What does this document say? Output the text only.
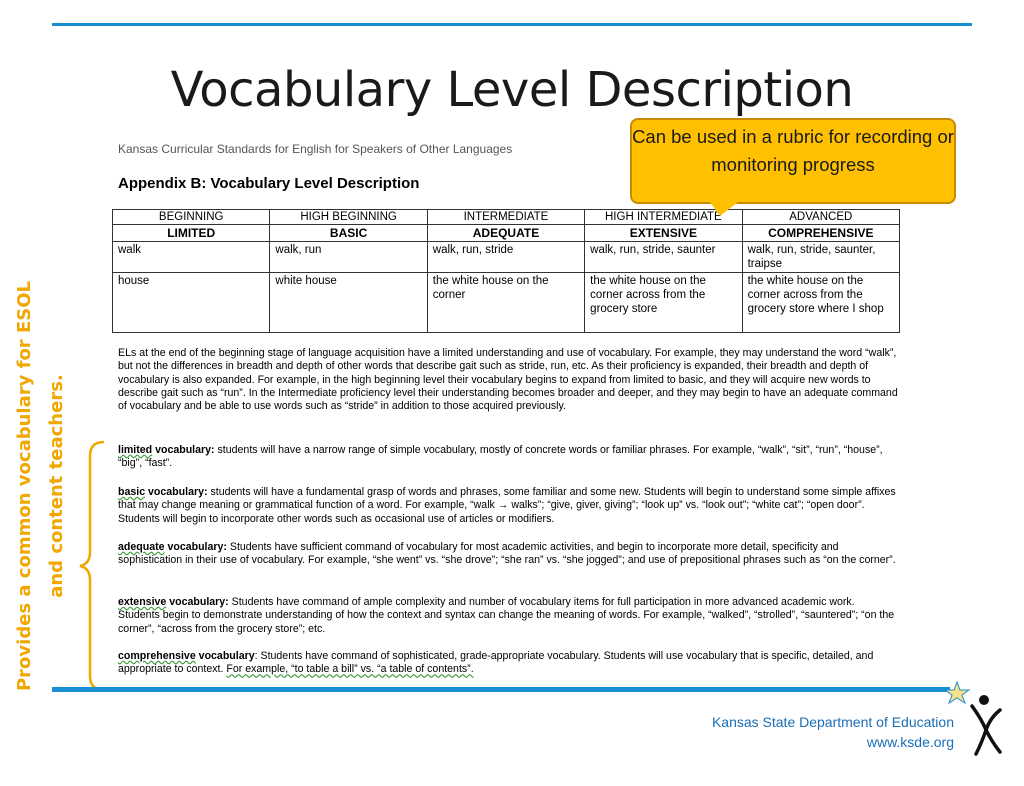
Vocabulary Level Description
Kansas Curricular Standards for English for Speakers of Other Languages
Appendix B: Vocabulary Level Description
BEGINNING	HIGH BEGINNING	INTERMEDIATE	HIGH INTERMEDIATE	ADVANCED
LIMITED	BASIC	ADEQUATE	EXTENSIVE	COMPREHENSIVE
walk	walk, run	walk, run, stride	walk, run, stride, saunter	walk, run, stride, saunter, traipse
house	white house	the white house on the corner	the white house on the corner across from the grocery store	the white house on the corner across from the grocery store where I shop

ELs at the end of the beginning stage of language acquisition have a limited understanding and use of vocabulary. For example, they may understand the word “walk”, but not the differences in breadth and depth of other words that describe gait such as stride, run, etc. As their proficiency is expanded, their breadth and depth of vocabulary is also expanded. For example, in the high beginning level their vocabulary begins to expand from limited to basic, and they will acquire new words to describe gait such as “run”. In the Intermediate proficiency level their understanding becomes broader and deeper, and they may begin to have an adequate command of vocabulary and be able to use words such as “stride” in addition to those acquired previously.

limited vocabulary: students will have a narrow range of simple vocabulary, mostly of concrete words or familiar phrases. For example, “walk”, “sit”, “run”, “house”, “big”, “fast”.

basic vocabulary: students will have a fundamental grasp of words and phrases, some familiar and some new. Students will begin to understand some simple affixes that may change meaning or grammatical function of a word. For example, “walk → walks”; “give, giver, giving”; “look up” vs. “look out”; “white cat”; “open door”. Students will begin to incorporate other words such as occasional use of articles or modifiers.

adequate vocabulary: Students have sufficient command of vocabulary for most academic activities, and begin to incorporate more detail, specificity and sophistication in their use of vocabulary. For example, “she went” vs. “she drove”; “she ran” vs. “she jogged”; and use of prepositional phrases such as “on the corner”.

extensive vocabulary: Students have command of ample complexity and number of vocabulary items for full participation in more advanced academic work. Students begin to demonstrate understanding of how the context and syntax can change the meaning of words. For example, “walked”, “strolled”, “sauntered”; “on the corner”, “across from the grocery store”; etc.

comprehensive vocabulary: Students have command of sophisticated, grade-appropriate vocabulary. Students will use vocabulary that is specific, detailed, and appropriate to context. For example, “to table a bill” vs. “a table of contents”.

Can be used in a rubric for recording or monitoring progress
Provides a common vocabulary for ESOL and content teachers.
Kansas State Department of Education
www.ksde.org
